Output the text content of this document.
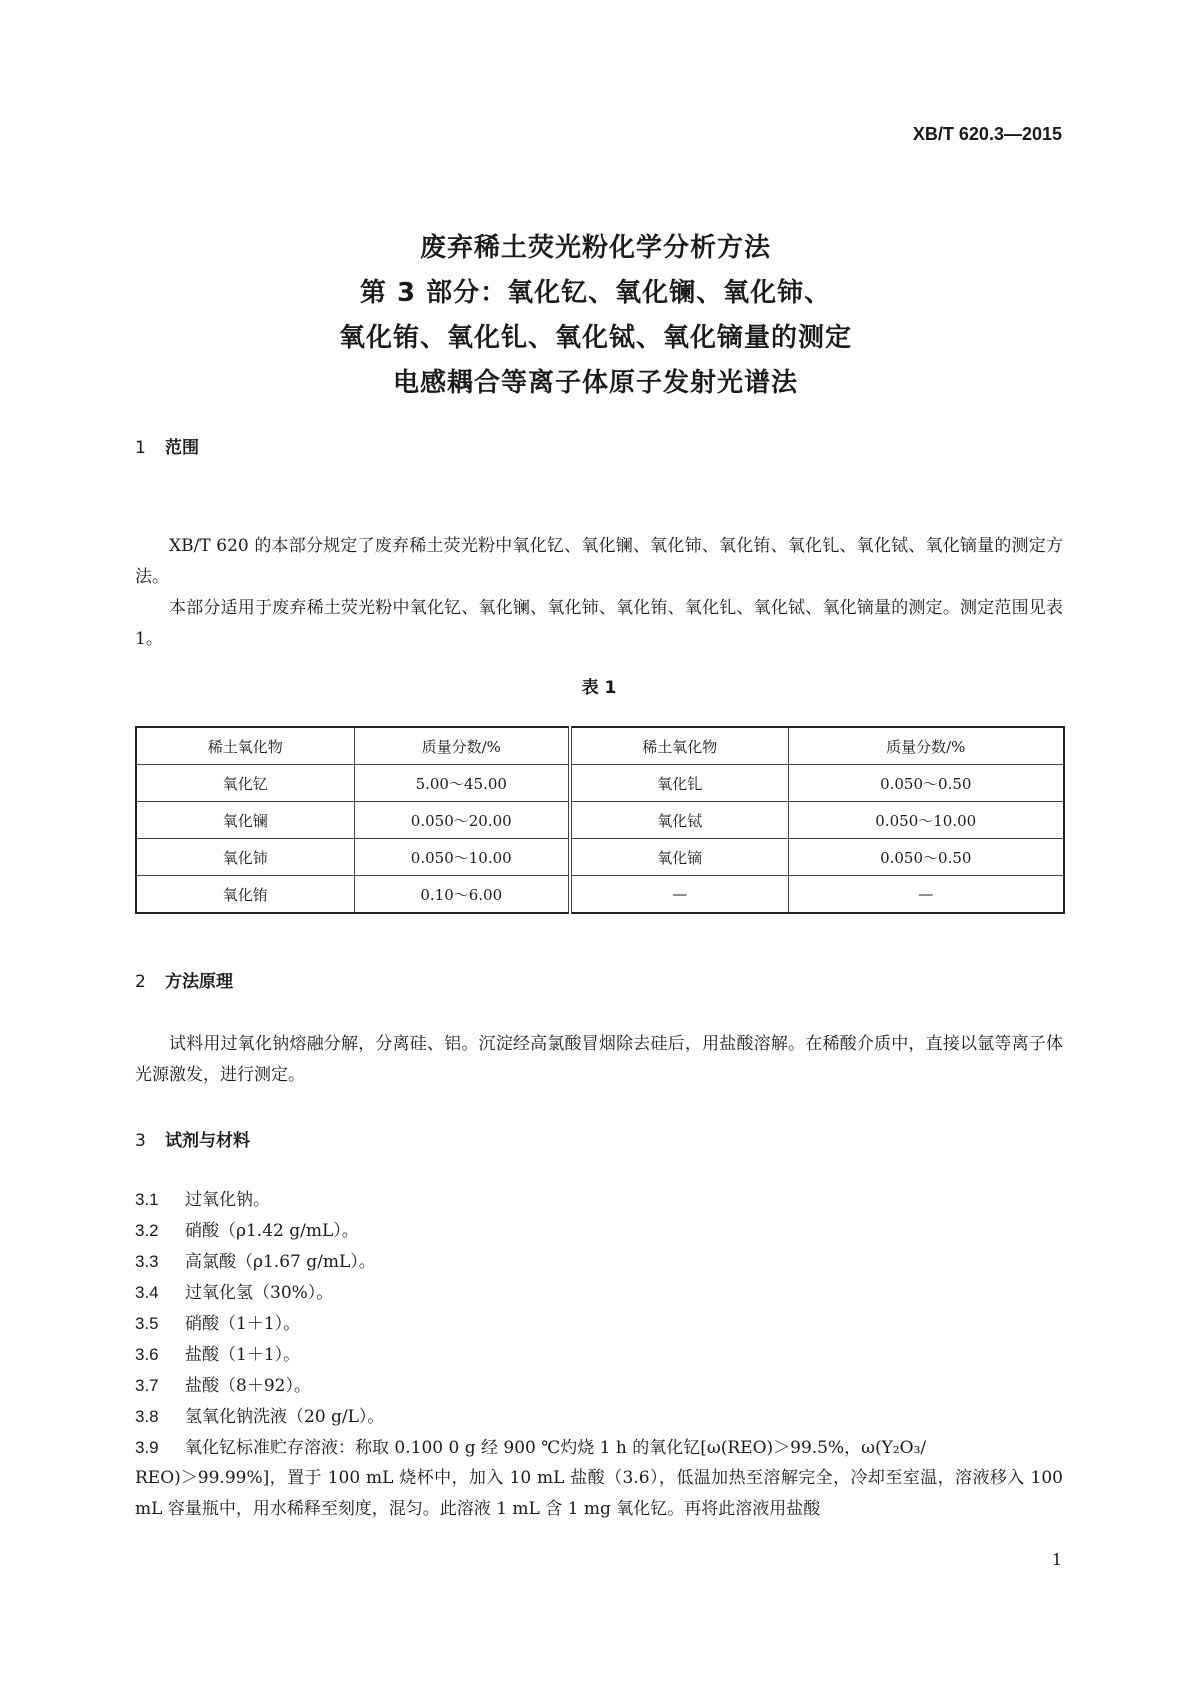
XB/T 620.3—2015
废弃稀土荧光粉化学分析方法
第 3 部分：氧化钇、氧化镧、氧化铈、
氧化铕、氧化钆、氧化铽、氧化镝量的测定
电感耦合等离子体原子发射光谱法
1 范围
XB/T 620 的本部分规定了废弃稀土荧光粉中氧化钇、氧化镧、氧化铈、氧化铕、氧化钆、氧化铽、氧化镝量的测定方法。
本部分适用于废弃稀土荧光粉中氧化钇、氧化镧、氧化铈、氧化铕、氧化钆、氧化铽、氧化镝量的测定。测定范围见表 1。
表 1
稀土氧化物	质量分数/%	稀土氧化物	质量分数/%
氧化钇	5.00～45.00	氧化钆	0.050～0.50
氧化镧	0.050～20.00	氧化铽	0.050～10.00
氧化铈	0.050～10.00	氧化镝	0.050～0.50
氧化铕	0.10～6.00	—	—
2 方法原理
试料用过氧化钠熔融分解，分离硅、铝。沉淀经高氯酸冒烟除去硅后，用盐酸溶解。在稀酸介质中，直接以氩等离子体光源激发，进行测定。
3 试剂与材料
3.1 过氧化钠。
3.2 硝酸（ρ1.42 g/mL）。
3.3 高氯酸（ρ1.67 g/mL）。
3.4 过氧化氢（30%）。
3.5 硝酸（1＋1）。
3.6 盐酸（1＋1）。
3.7 盐酸（8＋92）。
3.8 氢氧化钠洗液（20 g/L）。
3.9 氧化钇标准贮存溶液：称取 0.100 0 g 经 900 ℃灼烧 1 h 的氧化钇[ω(REO)＞99.5%，ω(Y₂O₃/
REO)＞99.99%]，置于 100 mL 烧杯中，加入 10 mL 盐酸（3.6），低温加热至溶解完全，冷却至室温，溶液移入 100 mL 容量瓶中，用水稀释至刻度，混匀。此溶液 1 mL 含 1 mg 氧化钇。再将此溶液用盐酸
1
